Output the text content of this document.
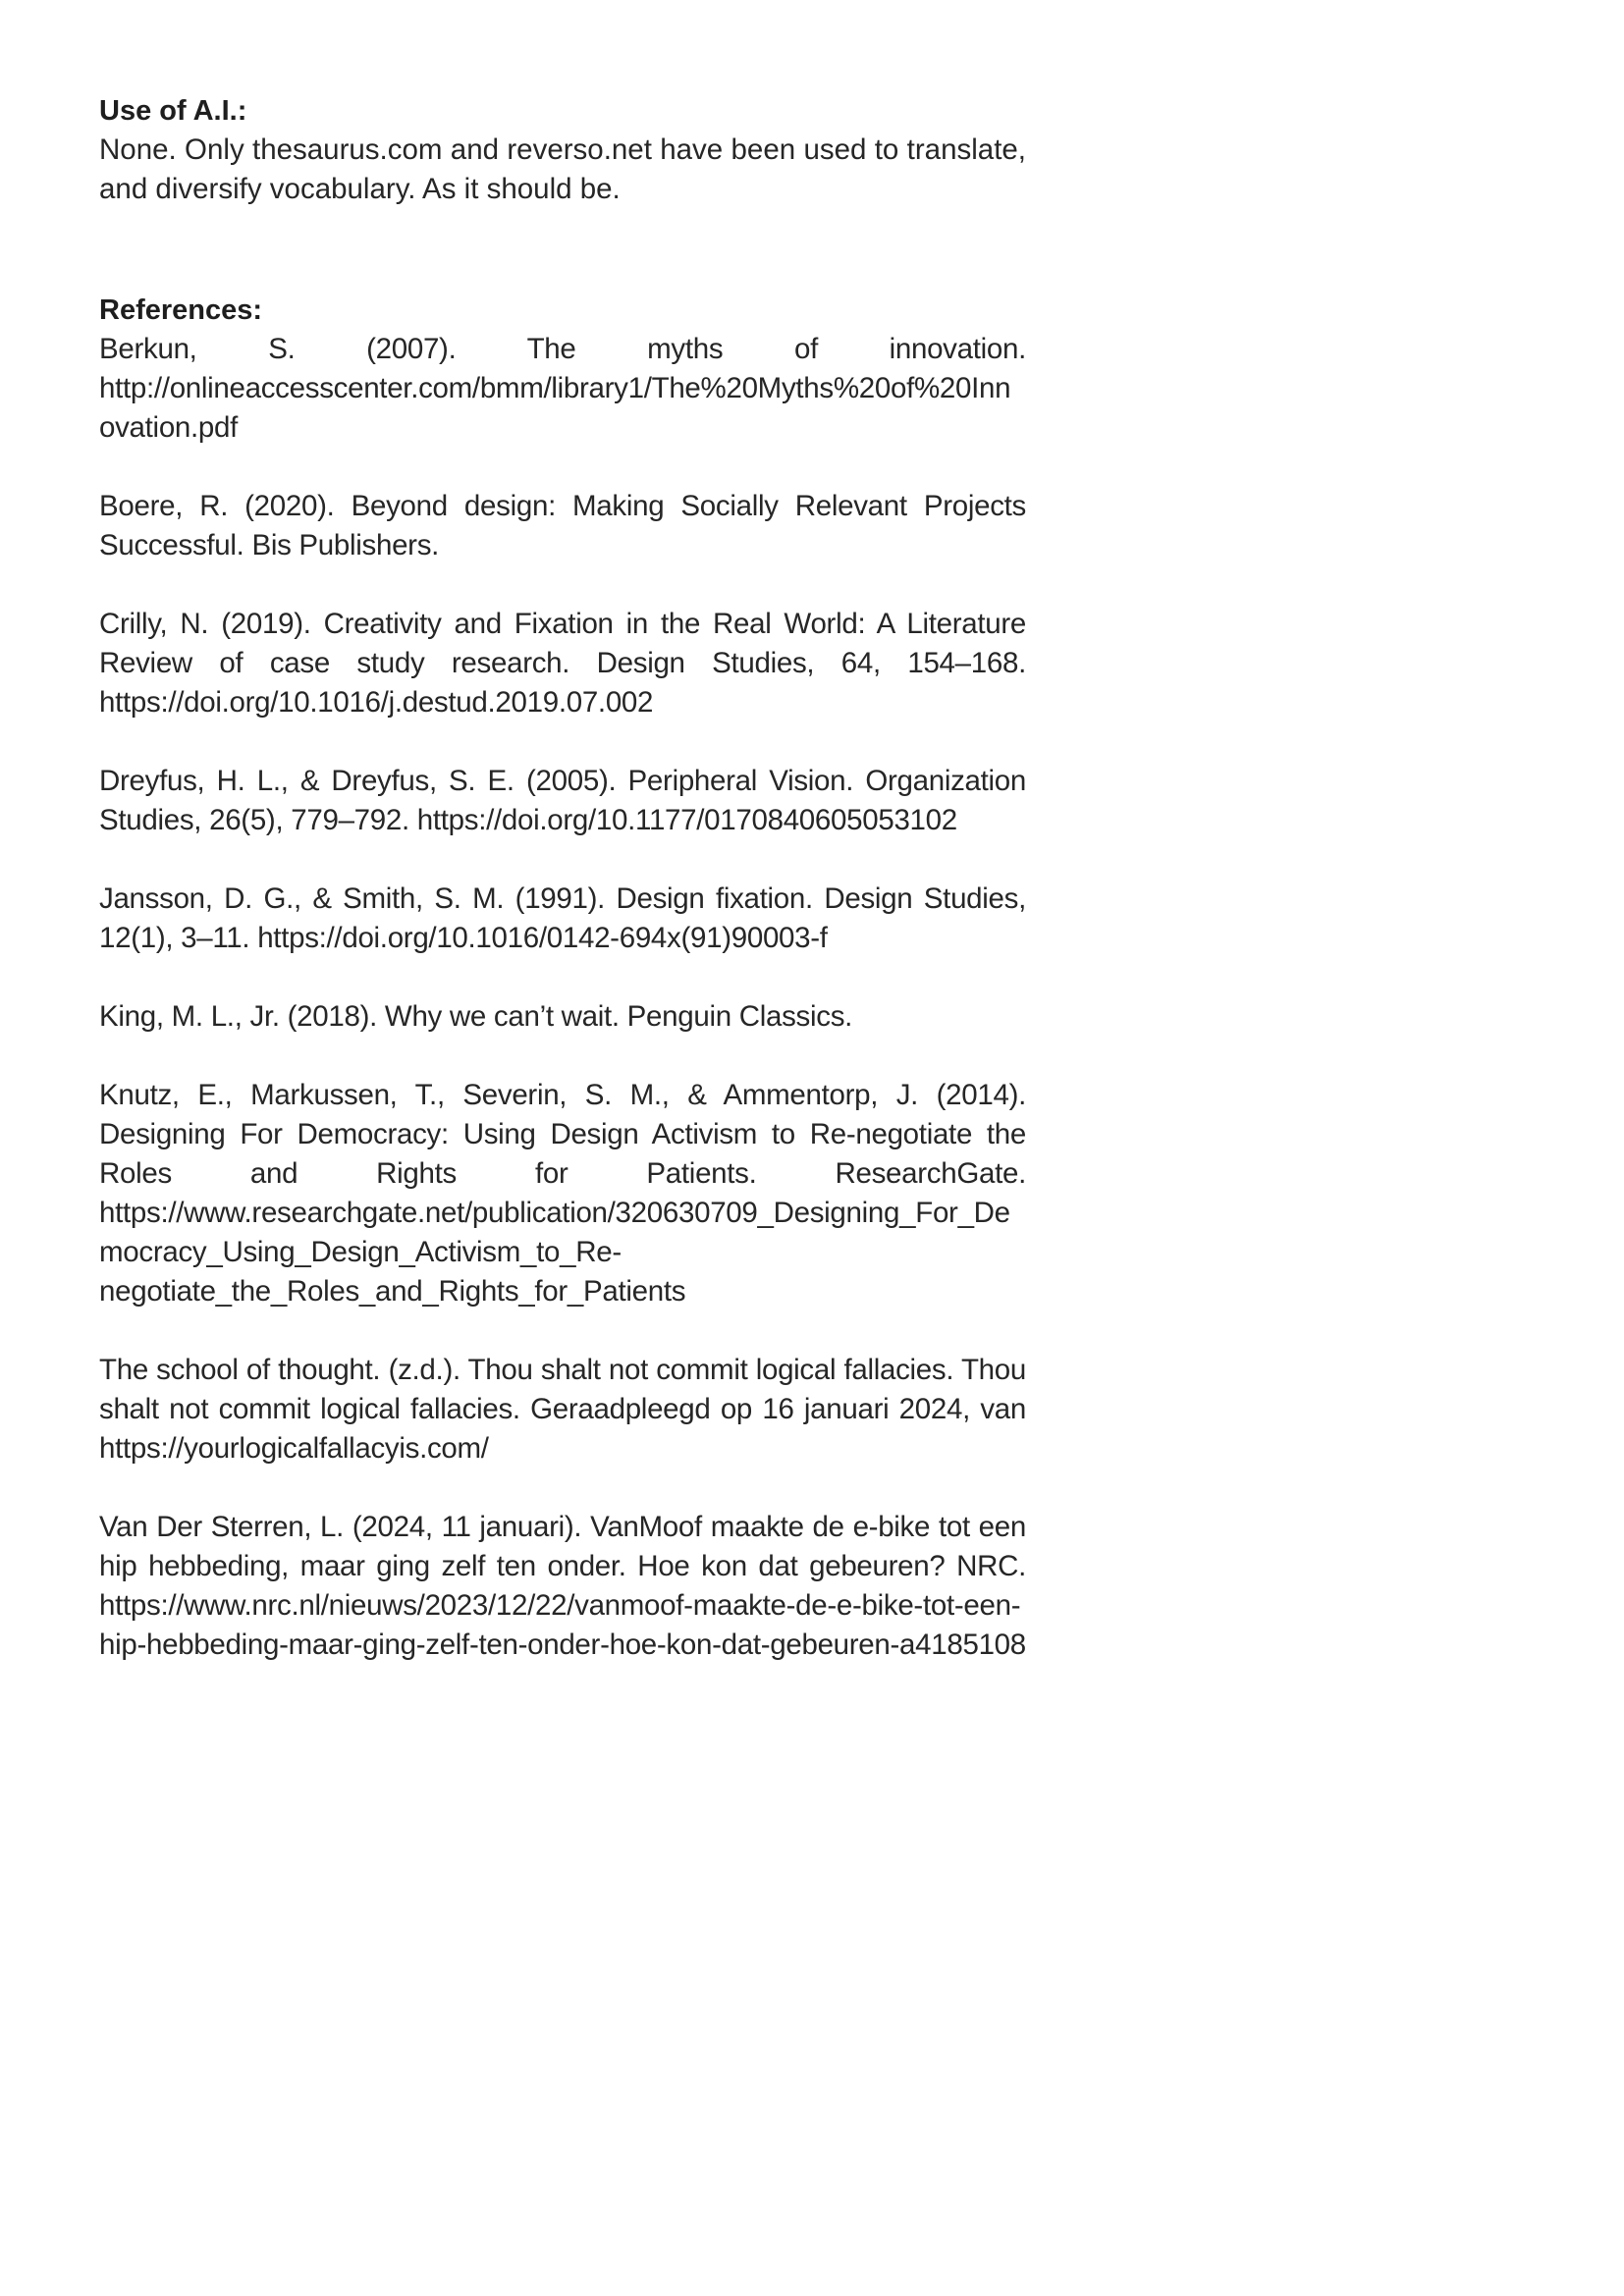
Use of A.I.:

None. Only thesaurus.com and reverso.net have been used to translate, and diversify vocabulary. As it should be.

References:
Berkun, S. (2007). The myths of innovation. http://onlineaccesscenter.com/bmm/library1/The%20Myths%20of%20Innovation.pdf
Boere, R. (2020). Beyond design: Making Socially Relevant Projects Successful. Bis Publishers.
Crilly, N. (2019). Creativity and Fixation in the Real World: A Literature Review of case study research. Design Studies, 64, 154–168. https://doi.org/10.1016/j.destud.2019.07.002
Dreyfus, H. L., & Dreyfus, S. E. (2005). Peripheral Vision. Organization Studies, 26(5), 779–792. https://doi.org/10.1177/0170840605053102
Jansson, D. G., & Smith, S. M. (1991). Design fixation. Design Studies, 12(1), 3–11. https://doi.org/10.1016/0142-694x(91)90003-f
King, M. L., Jr. (2018). Why we can’t wait. Penguin Classics.
Knutz, E., Markussen, T., Severin, S. M., & Ammentorp, J. (2014). Designing For Democracy: Using Design Activism to Re-negotiate the Roles and Rights for Patients. ResearchGate. https://www.researchgate.net/publication/320630709_Designing_For_Democracy_Using_Design_Activism_to_Re-negotiate_the_Roles_and_Rights_for_Patients
The school of thought. (z.d.). Thou shalt not commit logical fallacies. Thou shalt not commit logical fallacies. Geraadpleegd op 16 januari 2024, van https://yourlogicalfallacyis.com/
Van Der Sterren, L. (2024, 11 januari). VanMoof maakte de e-bike tot een hip hebbeding, maar ging zelf ten onder. Hoe kon dat gebeuren? NRC. https://www.nrc.nl/nieuws/2023/12/22/vanmoof-maakte-de-e-bike-tot-een-hip-hebbeding-maar-ging-zelf-ten-onder-hoe-kon-dat-gebeuren-a4185108
